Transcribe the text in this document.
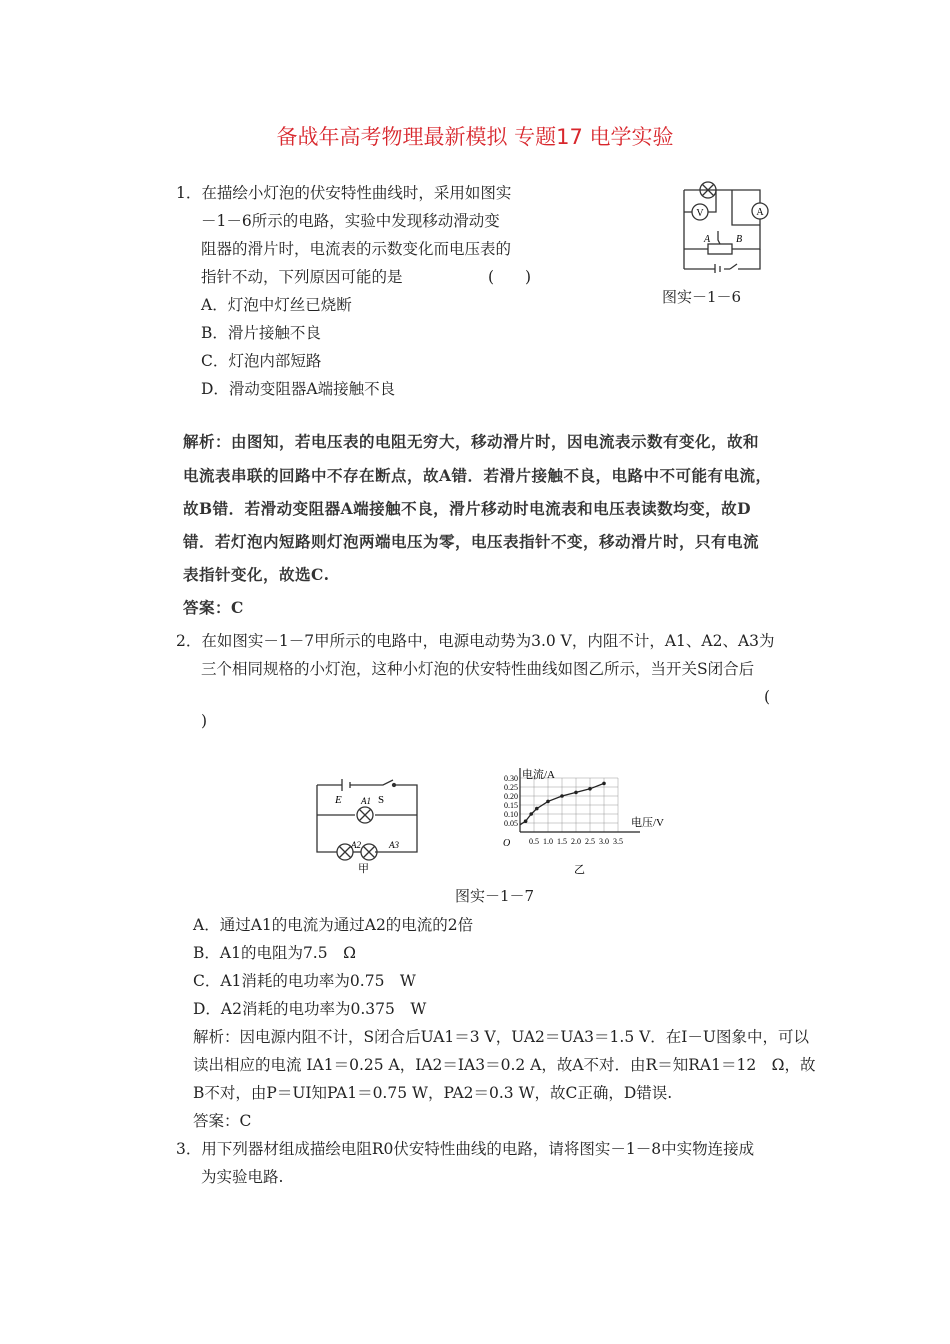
备战年高考物理最新模拟 专题17 电学实验
1．在描绘小灯泡的伏安特性曲线时，采用如图实
－1－6所示的电路，实验中发现移动滑动变
阻器的滑片时，电流表的示数变化而电压表的
指针不动，下列原因可能的是	(　　)
A．灯泡中灯丝已烧断
B．滑片接触不良
C．灯泡内部短路
D．滑动变阻器A端接触不良
V	A
A	B
图实－1－6
解析：由图知，若电压表的电阻无穷大，移动滑片时，因电流表示数有变化，故和
电流表串联的回路中不存在断点，故A错．若滑片接触不良，电路中不可能有电流，
故B错．若滑动变阻器A端接触不良，滑片移动时电流表和电压表读数均变，故D
错．若灯泡内短路则灯泡两端电压为零，电压表指针不变，移动滑片时，只有电流
表指针变化，故选C.
答案：C
2．在如图实－1－7甲所示的电路中，电源电动势为3.0 V，内阻不计，A1、A2、A3为
三个相同规格的小灯泡，这种小灯泡的伏安特性曲线如图乙所示，当开关S闭合后
(
)
E	S
A1
A2	A3
甲
0.5 1.0 1.5 2.0 2.5 3.0 3.5
0.05
0.10
0.15
0.20
0.25
0.30 电流/A
电压/V
O
乙
图实－1－7
A．通过A1的电流为通过A2的电流的2倍
B．A1的电阻为7.5　Ω
C．A1消耗的电功率为0.75　W
D．A2消耗的电功率为0.375　W
解析：因电源内阻不计，S闭合后UA1＝3 V，UA2＝UA3＝1.5 V．在I－U图象中，可以
读出相应的电流 IA1＝0.25 A，IA2＝IA3＝0.2 A，故A不对．由R＝知RA1＝12　Ω，故
B不对，由P＝UI知PA1＝0.75 W，PA2＝0.3 W，故C正确，D错误.
答案：C
3．用下列器材组成描绘电阻R0伏安特性曲线的电路，请将图实－1－8中实物连接成
为实验电路.
